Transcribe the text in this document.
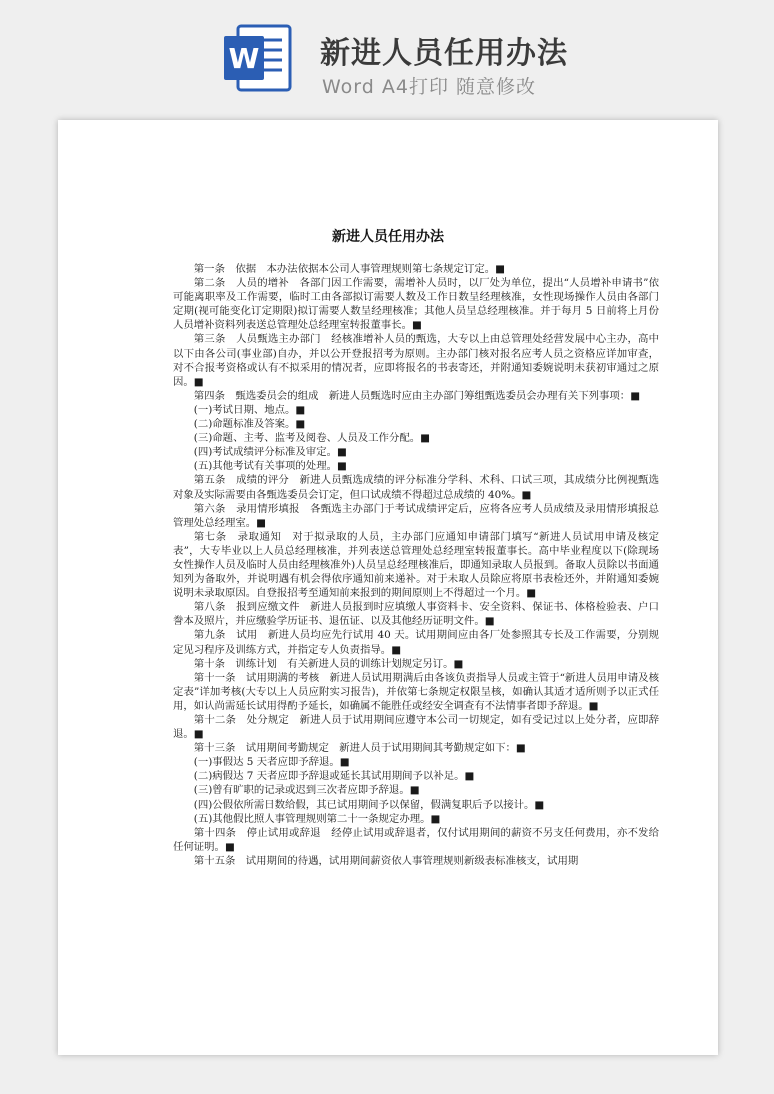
W 新进人员任用办法
Word A4打印 随意修改
新进人员任用办法

第一条　依据　本办法依据本公司人事管理规则第七条规定订定。■

第二条　人员的增补　各部门因工作需要，需增补人员时，以厂处为单位，提出“人员增补申请书”依可能离职率及工作需要，临时工由各部拟订需要人数及工作日数呈经理核准，女性现场操作人员由各部门定期(视可能变化订定期限)拟订需要人数呈经理核准；其他人员呈总经理核准。并于每月 5 日前将上月份人员增补资料列表送总管理处总经理室转报董事长。■

第三条　人员甄选主办部门　经核准增补人员的甄选，大专以上由总管理处经营发展中心主办，高中以下由各公司(事业部)自办，并以公开登报招考为原则。主办部门核对报名应考人员之资格应详加审查，对不合报考资格或认有不拟采用的情况者，应即将报名的书表寄还，并附通知委婉说明未获初审通过之原因。■

第四条　甄选委员会的组成　新进人员甄选时应由主办部门筹组甄选委员会办理有关下列事项：■

(一)考试日期、地点。■

(二)命题标准及答案。■

(三)命题、主考、监考及阅卷、人员及工作分配。■

(四)考试成绩评分标准及审定。■

(五)其他考试有关事项的处理。■

第五条　成绩的评分　新进人员甄选成绩的评分标准分学科、术科、口试三项，其成绩分比例视甄选对象及实际需要由各甄选委员会订定，但口试成绩不得超过总成绩的 40%。■

第六条　录用情形填报　各甄选主办部门于考试成绩评定后，应将各应考人员成绩及录用情形填报总管理处总经理室。■

第七条　录取通知　对于拟录取的人员，主办部门应通知申请部门填写“新进人员试用申请及核定表”，大专毕业以上人员总经理核准，并列表送总管理处总经理室转报董事长。高中毕业程度以下(除现场女性操作人员及临时人员由经理核准外)人员呈总经理核准后，即通知录取人员报到。备取人员除以书面通知列为备取外，并说明遇有机会得依序通知前来递补。对于未取人员除应将原书表检还外，并附通知委婉说明未录取原因。自登报招考至通知前来报到的期间原则上不得超过一个月。■

第八条　报到应缴文件　新进人员报到时应填缴人事资料卡、安全资料、保证书、体格检验表、户口誊本及照片，并应缴验学历证书、退伍证、以及其他经历证明文件。■

第九条　试用　新进人员均应先行试用 40 天。试用期间应由各厂处参照其专长及工作需要，分别规定见习程序及训练方式，并指定专人负责指导。■

第十条　训练计划　有关新进人员的训练计划规定另订。■

第十一条　试用期满的考核　新进人员试用期满后由各该负责指导人员或主管于“新进人员用申请及核定表”详加考核(大专以上人员应附实习报告)，并依第七条规定权限呈核，如确认其适才适所则予以正式任用，如认尚需延长试用得酌予延长，如确属不能胜任或经安全调查有不法情事者即予辞退。■

第十二条　处分规定　新进人员于试用期间应遵守本公司一切规定，如有受记过以上处分者，应即辞退。■

第十三条　试用期间考勤规定　新进人员于试用期间其考勤规定如下：■

(一)事假达 5 天者应即予辞退。■

(二)病假达 7 天者应即予辞退或延长其试用期间予以补足。■

(三)曾有旷职的记录或迟到三次者应即予辞退。■

(四)公假依所需日数给假，其已试用期间予以保留，假满复职后予以接计。■

(五)其他假比照人事管理规则第二十一条规定办理。■

第十四条　停止试用或辞退　经停止试用或辞退者，仅付试用期间的薪资不另支任何费用，亦不发给任何证明。■

第十五条　试用期间的待遇，试用期间薪资依人事管理规则新级表标准核支，试用期
